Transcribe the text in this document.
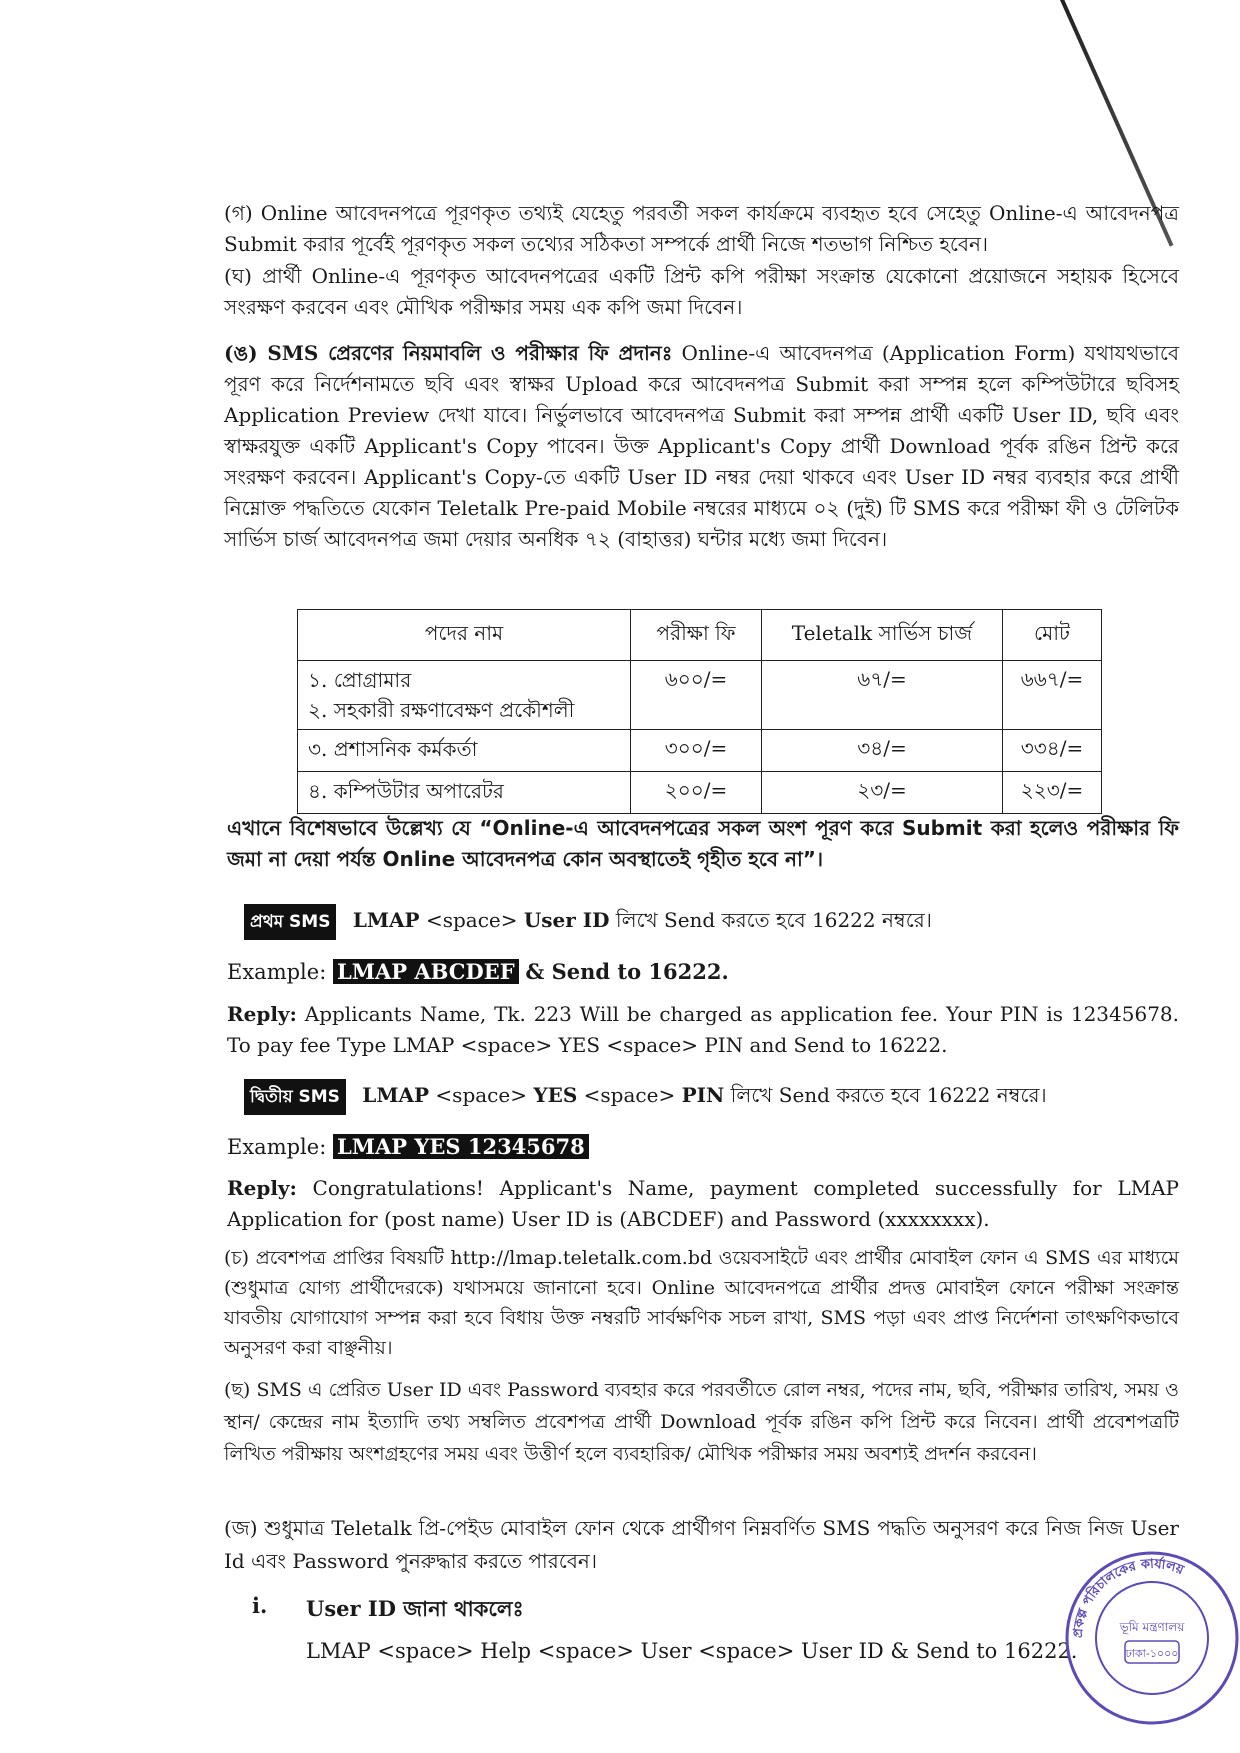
(গ) Online আবেদনপত্রে পূরণকৃত তথ্যই যেহেতু পরবর্তী সকল কার্যক্রমে ব্যবহৃত হবে সেহেতু Online-এ আবেদনপত্র Submit করার পূর্বেই পূরণকৃত সকল তথ্যের সঠিকতা সম্পর্কে প্রার্থী নিজে শতভাগ নিশ্চিত হবেন।

(ঘ) প্রার্থী Online-এ পূরণকৃত আবেদনপত্রের একটি প্রিন্ট কপি পরীক্ষা সংক্রান্ত যেকোনো প্রয়োজনে সহায়ক হিসেবে সংরক্ষণ করবেন এবং মৌখিক পরীক্ষার সময় এক কপি জমা দিবেন।

(ঙ) SMS প্রেরণের নিয়মাবলি ও পরীক্ষার ফি প্রদানঃ Online-এ আবেদনপত্র (Application Form) যথাযথভাবে পূরণ করে নির্দেশনামতে ছবি এবং স্বাক্ষর Upload করে আবেদনপত্র Submit করা সম্পন্ন হলে কম্পিউটারে ছবিসহ Application Preview দেখা যাবে। নির্ভুলভাবে আবেদনপত্র Submit করা সম্পন্ন প্রার্থী একটি User ID, ছবি এবং স্বাক্ষরযুক্ত একটি Applicant's Copy পাবেন। উক্ত Applicant's Copy প্রার্থী Download পূর্বক রঙিন প্রিন্ট করে সংরক্ষণ করবেন। Applicant's Copy-তে একটি User ID নম্বর দেয়া থাকবে এবং User ID নম্বর ব্যবহার করে প্রার্থী নিম্নোক্ত পদ্ধতিতে যেকোন Teletalk Pre-paid Mobile নম্বরের মাধ্যমে ০২ (দুই) টি SMS করে পরীক্ষা ফী ও টেলিটক সার্ভিস চার্জ আবেদনপত্র জমা দেয়ার অনধিক ৭২ (বাহাত্তর) ঘন্টার মধ্যে জমা দিবেন।

পদের নাম	পরীক্ষা ফি	Teletalk সার্ভিস চার্জ	মোট

১. প্রোগ্রামার
২. সহকারী রক্ষণাবেক্ষণ প্রকৌশলী	৬০০/=	৬৭/=	৬৬৭/=

৩. প্রশাসনিক কর্মকর্তা	৩০০/=	৩৪/=	৩৩৪/=

৪. কম্পিউটার অপারেটর	২০০/=	২৩/=	২২৩/=

এখানে বিশেষভাবে উল্লেখ্য যে “Online-এ আবেদনপত্রের সকল অংশ পূরণ করে Submit করা হলেও পরীক্ষার ফি জমা না দেয়া পর্যন্ত Online আবেদনপত্র কোন অবস্থাতেই গৃহীত হবে না”।

প্রথম SMS LMAP <space> User ID লিখে Send করতে হবে 16222 নম্বরে।
Example: LMAP ABCDEF & Send to 16222.

Reply: Applicants Name, Tk. 223 Will be charged as application fee. Your PIN is 12345678. To pay fee Type LMAP <space> YES <space> PIN and Send to 16222.

দ্বিতীয় SMS LMAP <space> YES <space> PIN লিখে Send করতে হবে 16222 নম্বরে।
Example: LMAP YES 12345678

Reply: Congratulations! Applicant's Name, payment completed successfully for LMAP Application for (post name) User ID is (ABCDEF) and Password (xxxxxxxx).

(চ) প্রবেশপত্র প্রাপ্তির বিষয়টি http://lmap.teletalk.com.bd ওয়েবসাইটে এবং প্রার্থীর মোবাইল ফোন এ SMS এর মাধ্যমে (শুধুমাত্র যোগ্য প্রার্থীদেরকে) যথাসময়ে জানানো হবে। Online আবেদনপত্রে প্রার্থীর প্রদত্ত মোবাইল ফোনে পরীক্ষা সংক্রান্ত যাবতীয় যোগাযোগ সম্পন্ন করা হবে বিধায় উক্ত নম্বরটি সার্বক্ষণিক সচল রাখা, SMS পড়া এবং প্রাপ্ত নির্দেশনা তাৎক্ষণিকভাবে অনুসরণ করা বাঞ্ছনীয়।

(ছ) SMS এ প্রেরিত User ID এবং Password ব্যবহার করে পরবর্তীতে রোল নম্বর, পদের নাম, ছবি, পরীক্ষার তারিখ, সময় ও স্থান/ কেন্দ্রের নাম ইত্যাদি তথ্য সম্বলিত প্রবেশপত্র প্রার্থী Download পূর্বক রঙিন কপি প্রিন্ট করে নিবেন। প্রার্থী প্রবেশপত্রটি লিখিত পরীক্ষায় অংশগ্রহণের সময় এবং উত্তীর্ণ হলে ব্যবহারিক/ মৌখিক পরীক্ষার সময় অবশ্যই প্রদর্শন করবেন।

(জ) শুধুমাত্র Teletalk প্রি-পেইড মোবাইল ফোন থেকে প্রার্থীগণ নিম্নবর্ণিত SMS পদ্ধতি অনুসরণ করে নিজ নিজ User Id এবং Password পুনরুদ্ধার করতে পারবেন।

i. User ID জানা থাকলেঃ
LMAP <space> Help <space> User <space> User ID & Send to 16222.
প্রকল্প পরিচালকের কার্যালয়
ভূমি মন্ত্রণালয়
ঢাকা-১০০০
